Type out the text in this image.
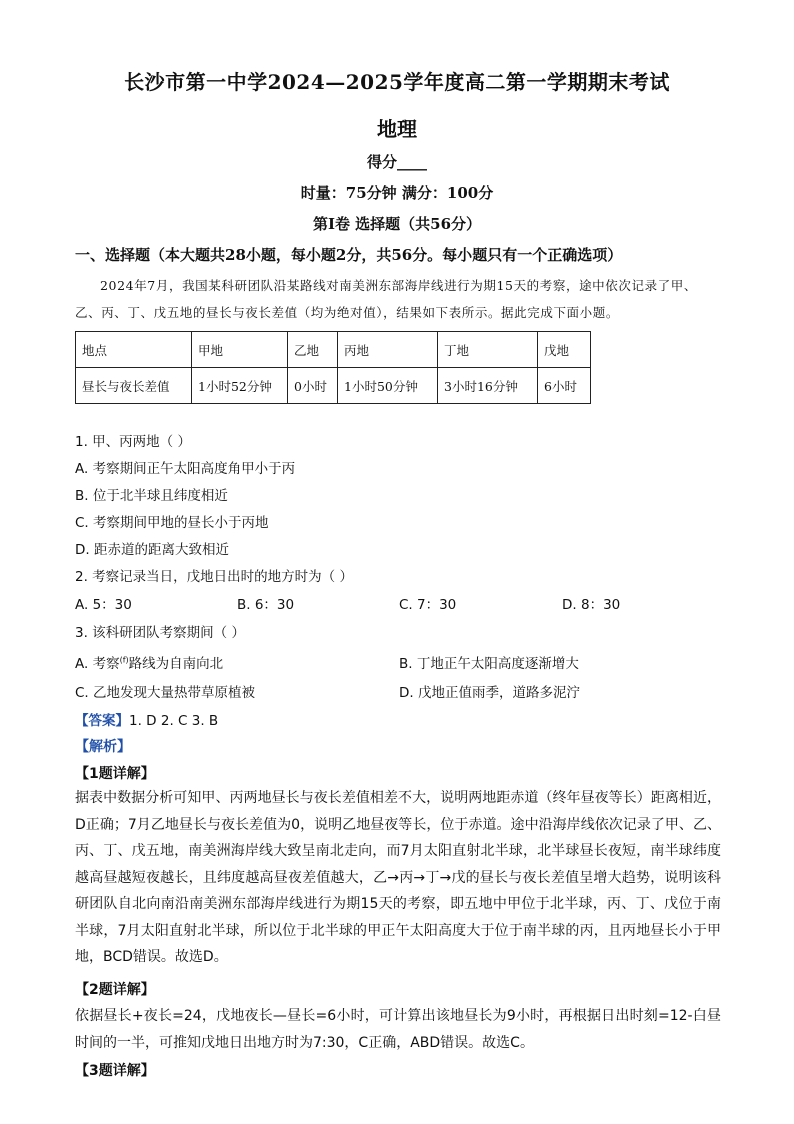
长沙市第一中学2024—2025学年度高二第一学期期末考试
地理
得分____
时量：75分钟 满分：100分
第Ⅰ卷 选择题（共56分）
一、选择题（本大题共28小题，每小题2分，共56分。每小题只有一个正确选项）
2024年7月，我国某科研团队沿某路线对南美洲东部海岸线进行为期15天的考察，途中依次记录了甲、乙、丙、丁、戊五地的昼长与夜长差值（均为绝对值），结果如下表所示。据此完成下面小题。
地点	甲地	乙地	丙地	丁地	戊地
昼长与夜长差值	1小时52分钟	0小时	1小时50分钟	3小时16分钟	6小时
1. 甲、丙两地（ ）
A. 考察期间正午太阳高度角甲小于丙
B. 位于北半球且纬度相近
C. 考察期间甲地的昼长小于丙地
D. 距赤道的距离大致相近
2. 考察记录当日，戊地日出时的地方时为（ ）
A. 5：30	B. 6：30	C. 7：30	D. 8：30
3. 该科研团队考察期间（ ）
A. 考察$^{(f)}$路线为自南向北	B. 丁地正午太阳高度逐渐增大
C. 乙地发现大量热带草原植被	D. 戊地正值雨季，道路多泥泞
【答案】1. D 2. C 3. B
【解析】
【1题详解】
据表中数据分析可知甲、丙两地昼长与夜长差值相差不大，说明两地距赤道（终年昼夜等长）距离相近，D正确；7月乙地昼长与夜长差值为0，说明乙地昼夜等长，位于赤道。途中沿海岸线依次记录了甲、乙、丙、丁、戊五地，南美洲海岸线大致呈南北走向，而7月太阳直射北半球，北半球昼长夜短，南半球纬度越高昼越短夜越长，且纬度越高昼夜差值越大，乙→丙→丁→戊的昼长与夜长差值呈增大趋势，说明该科研团队自北向南沿南美洲东部海岸线进行为期15天的考察，即五地中甲位于北半球，丙、丁、戊位于南半球，7月太阳直射北半球，所以位于北半球的甲正午太阳高度大于位于南半球的丙，且丙地昼长小于甲地，BCD错误。故选D。
【2题详解】
依据昼长+夜长=24，戊地夜长—昼长=6小时，可计算出该地昼长为9小时，再根据日出时刻=12-白昼时间的一半，可推知戊地日出地方时为7:30，C正确，ABD错误。故选C。
【3题详解】
